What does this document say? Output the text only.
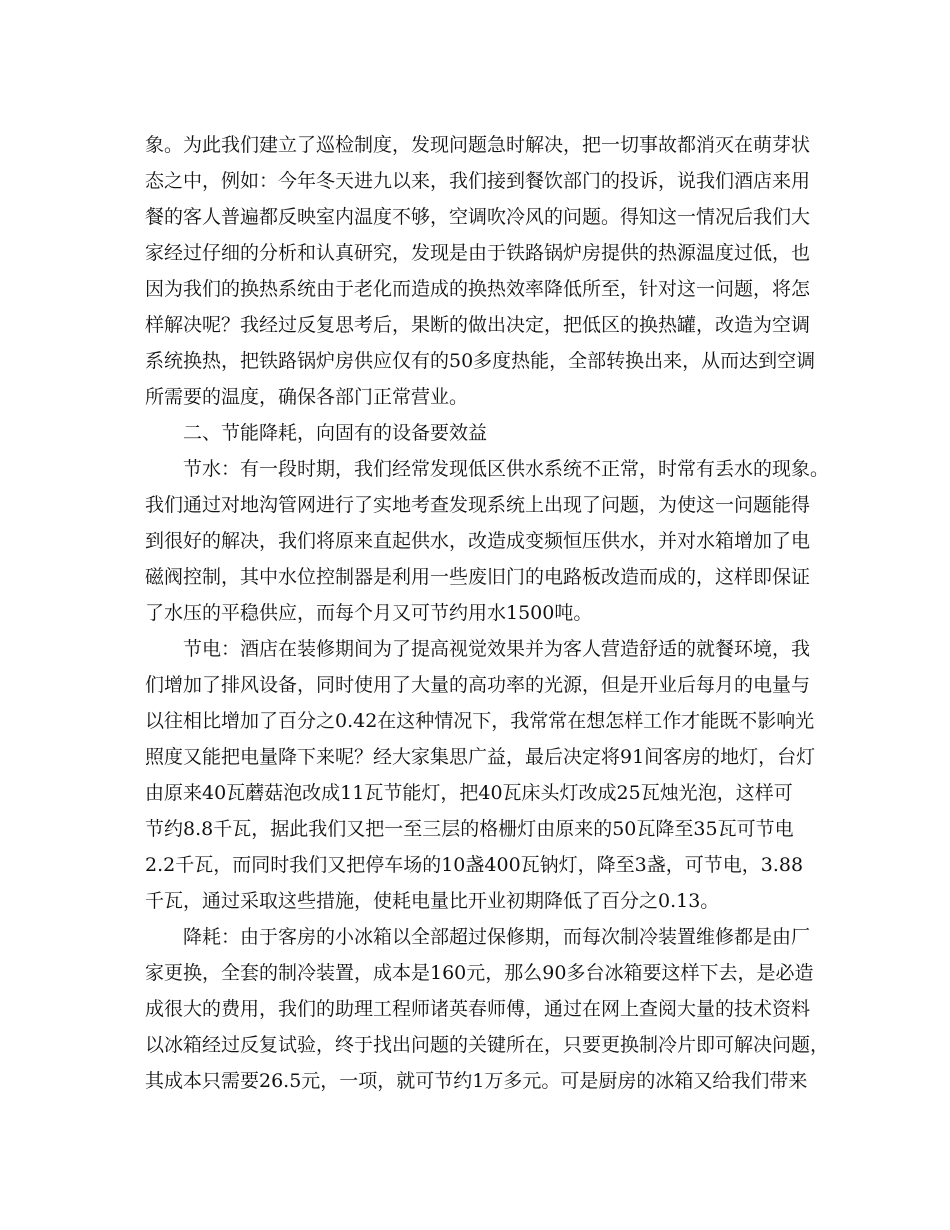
象。为此我们建立了巡检制度，发现问题急时解决，把一切事故都消灭在萌芽状
态之中，例如：今年冬天进九以来，我们接到餐饮部门的投诉，说我们酒店来用
餐的客人普遍都反映室内温度不够，空调吹冷风的问题。得知这一情况后我们大
家经过仔细的分析和认真研究，发现是由于铁路锅炉房提供的热源温度过低，也
因为我们的换热系统由于老化而造成的换热效率降低所至，针对这一问题，将怎
样解决呢？我经过反复思考后，果断的做出决定，把低区的换热罐，改造为空调
系统换热，把铁路锅炉房供应仅有的50多度热能，全部转换出来，从而达到空调
所需要的温度，确保各部门正常营业。
二、节能降耗，向固有的设备要效益
节水：有一段时期，我们经常发现低区供水系统不正常，时常有丢水的现象。
我们通过对地沟管网进行了实地考查发现系统上出现了问题，为使这一问题能得
到很好的解决，我们将原来直起供水，改造成变频恒压供水，并对水箱增加了电
磁阀控制，其中水位控制器是利用一些废旧门的电路板改造而成的，这样即保证
了水压的平稳供应，而每个月又可节约用水1500吨。
节电：酒店在装修期间为了提高视觉效果并为客人营造舒适的就餐环境，我
们增加了排风设备，同时使用了大量的高功率的光源，但是开业后每月的电量与
以往相比增加了百分之0.42在这种情况下，我常常在想怎样工作才能既不影响光
照度又能把电量降下来呢？经大家集思广益，最后决定将91间客房的地灯，台灯
由原来40瓦蘑菇泡改成11瓦节能灯，把40瓦床头灯改成25瓦烛光泡，这样可
节约8.8千瓦，据此我们又把一至三层的格栅灯由原来的50瓦降至35瓦可节电
2.2千瓦，而同时我们又把停车场的10盏400瓦钠灯，降至3盏，可节电，3.88
千瓦，通过采取这些措施，使耗电量比开业初期降低了百分之0.13。
降耗：由于客房的小冰箱以全部超过保修期，而每次制冷装置维修都是由厂
家更换，全套的制冷装置，成本是160元，那么90多台冰箱要这样下去，是必造
成很大的费用，我们的助理工程师诸英春师傅，通过在网上查阅大量的技术资料
以冰箱经过反复试验，终于找出问题的关键所在，只要更换制冷片即可解决问题，
其成本只需要26.5元，一项，就可节约1万多元。可是厨房的冰箱又给我们带来
